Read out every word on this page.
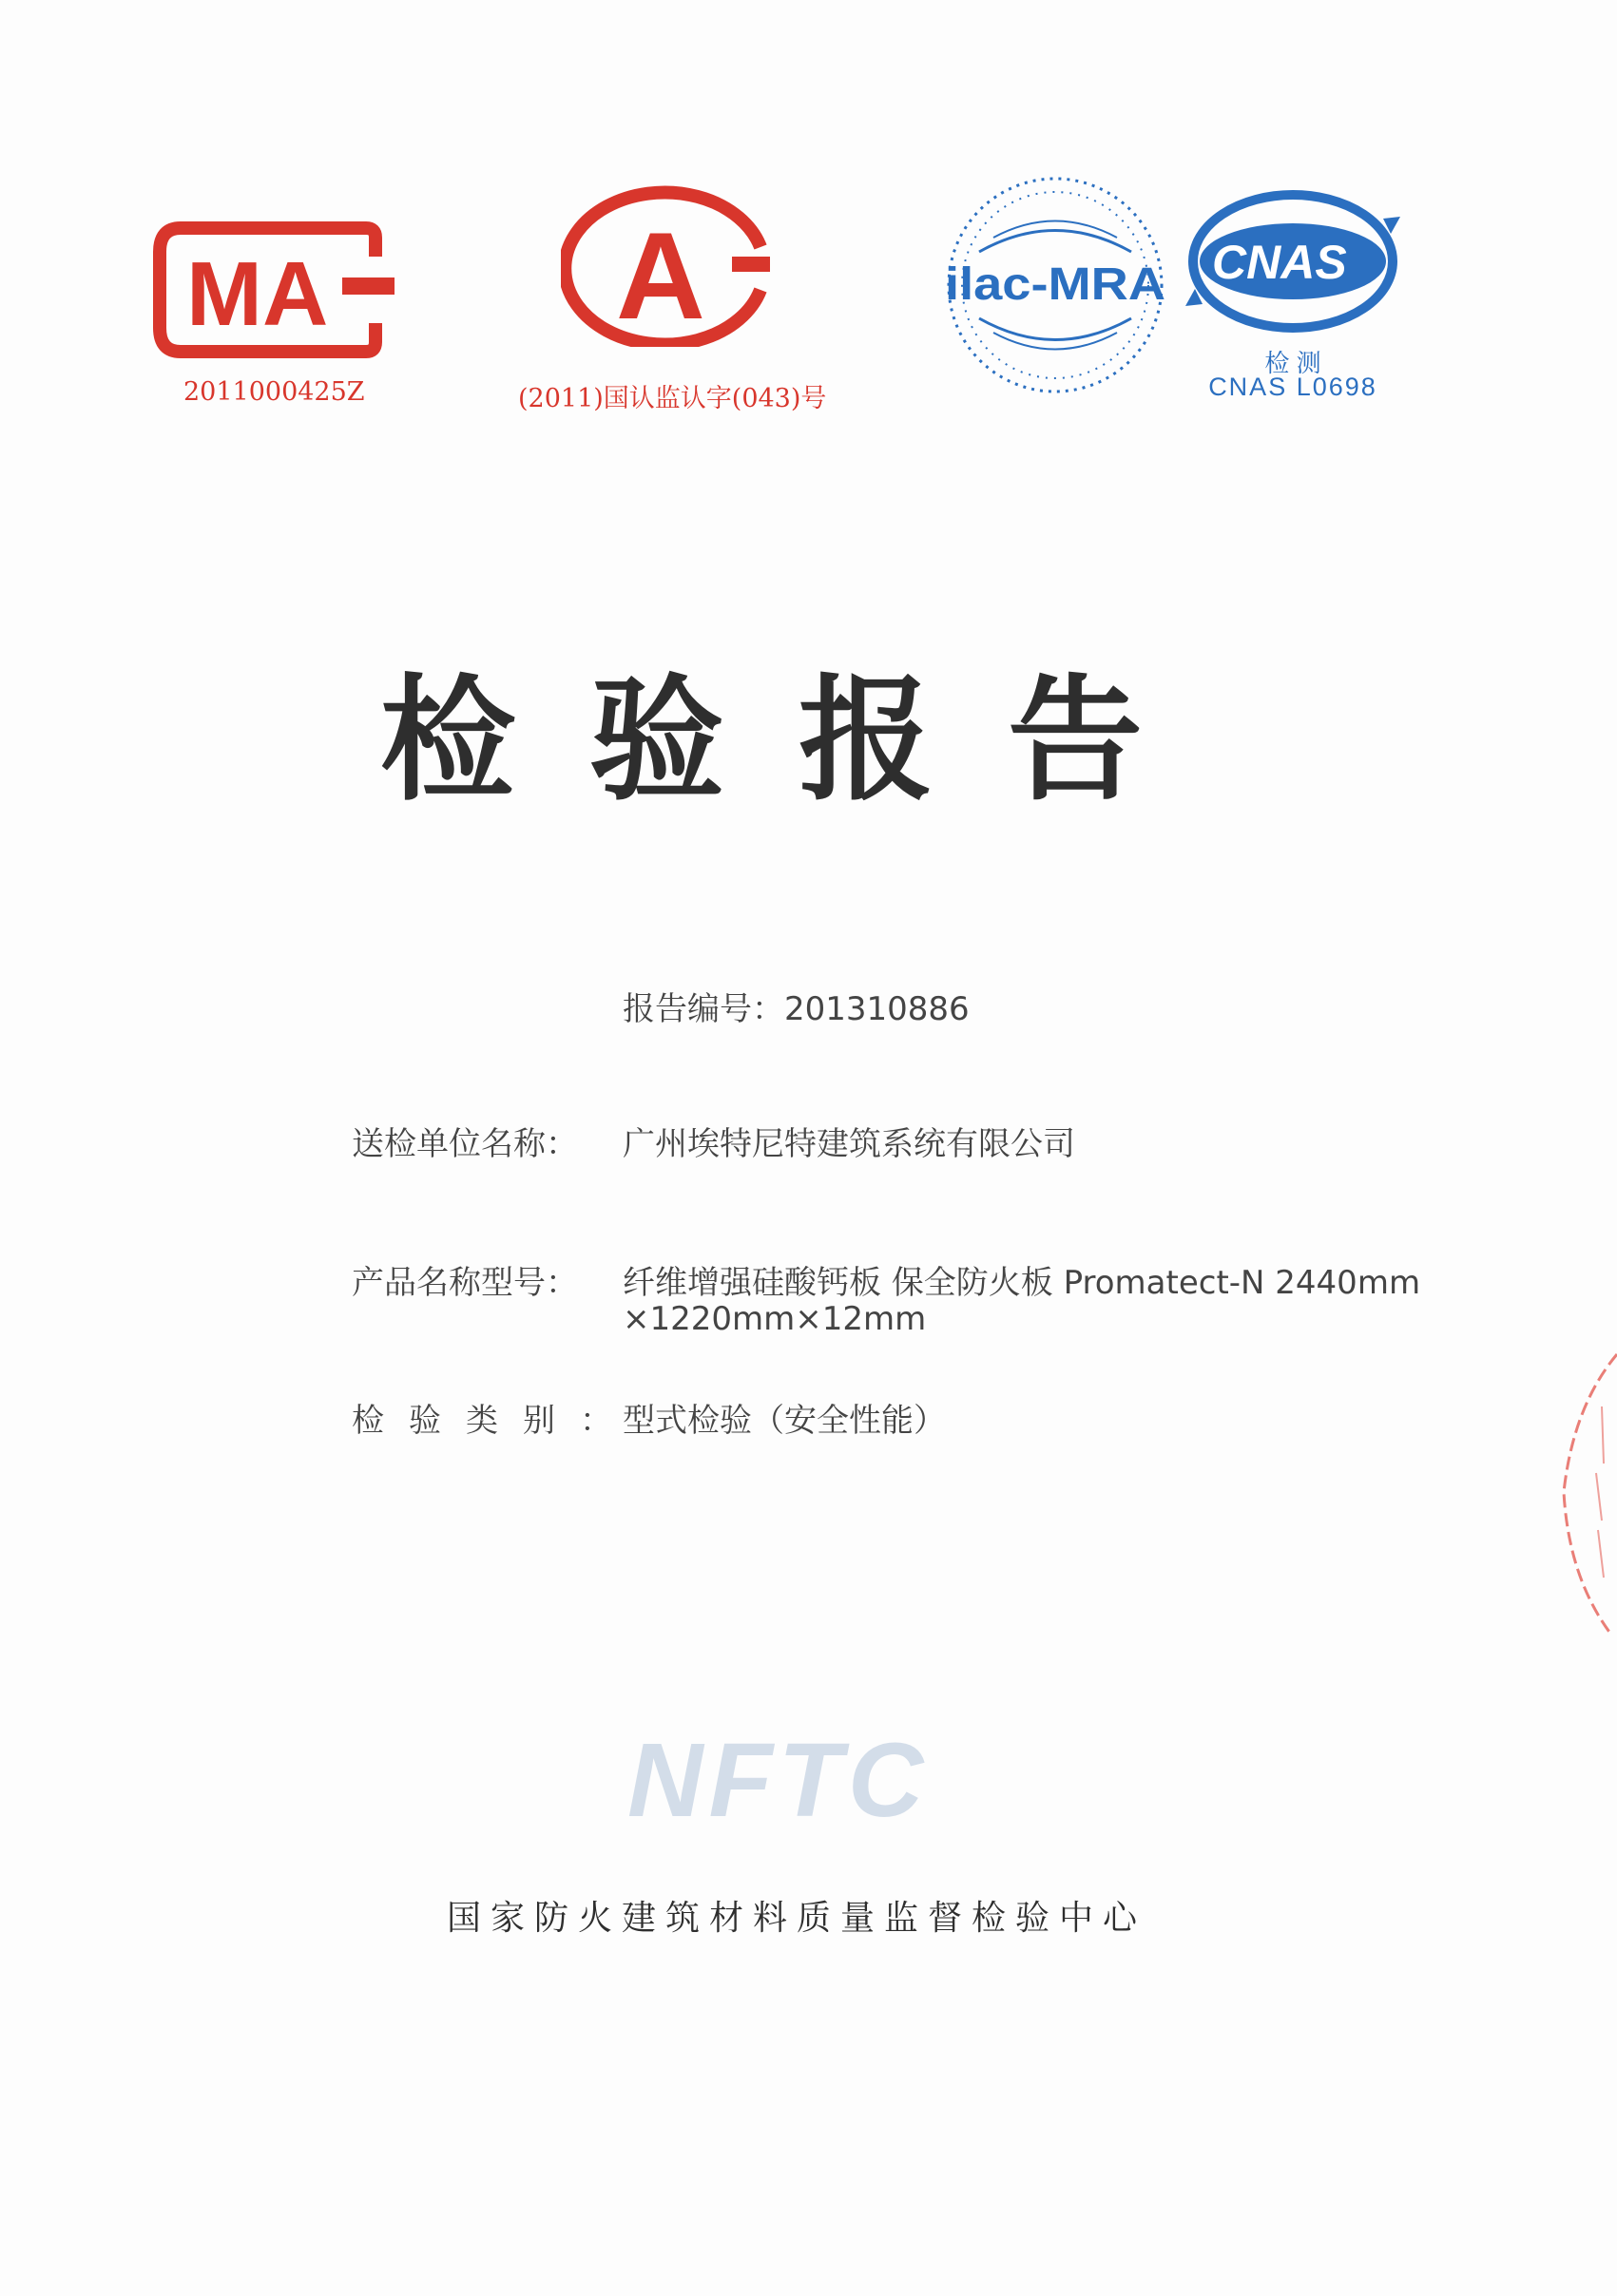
MA
2011000425Z
A
(2011)国认监认字(043)号
ilac-MRA CNAS
检 测
CNAS L0698
检验报告
报告编号：201310886
送检单位名称： 广州埃特尼特建筑系统有限公司
产品名称型号： 纤维增强硅酸钙板 保全防火板 Promatect-N 2440mm
×1220mm×12mm
检验类别：
型式检验（安全性能）
NFTC
国家防火建筑材料质量监督检验中心
